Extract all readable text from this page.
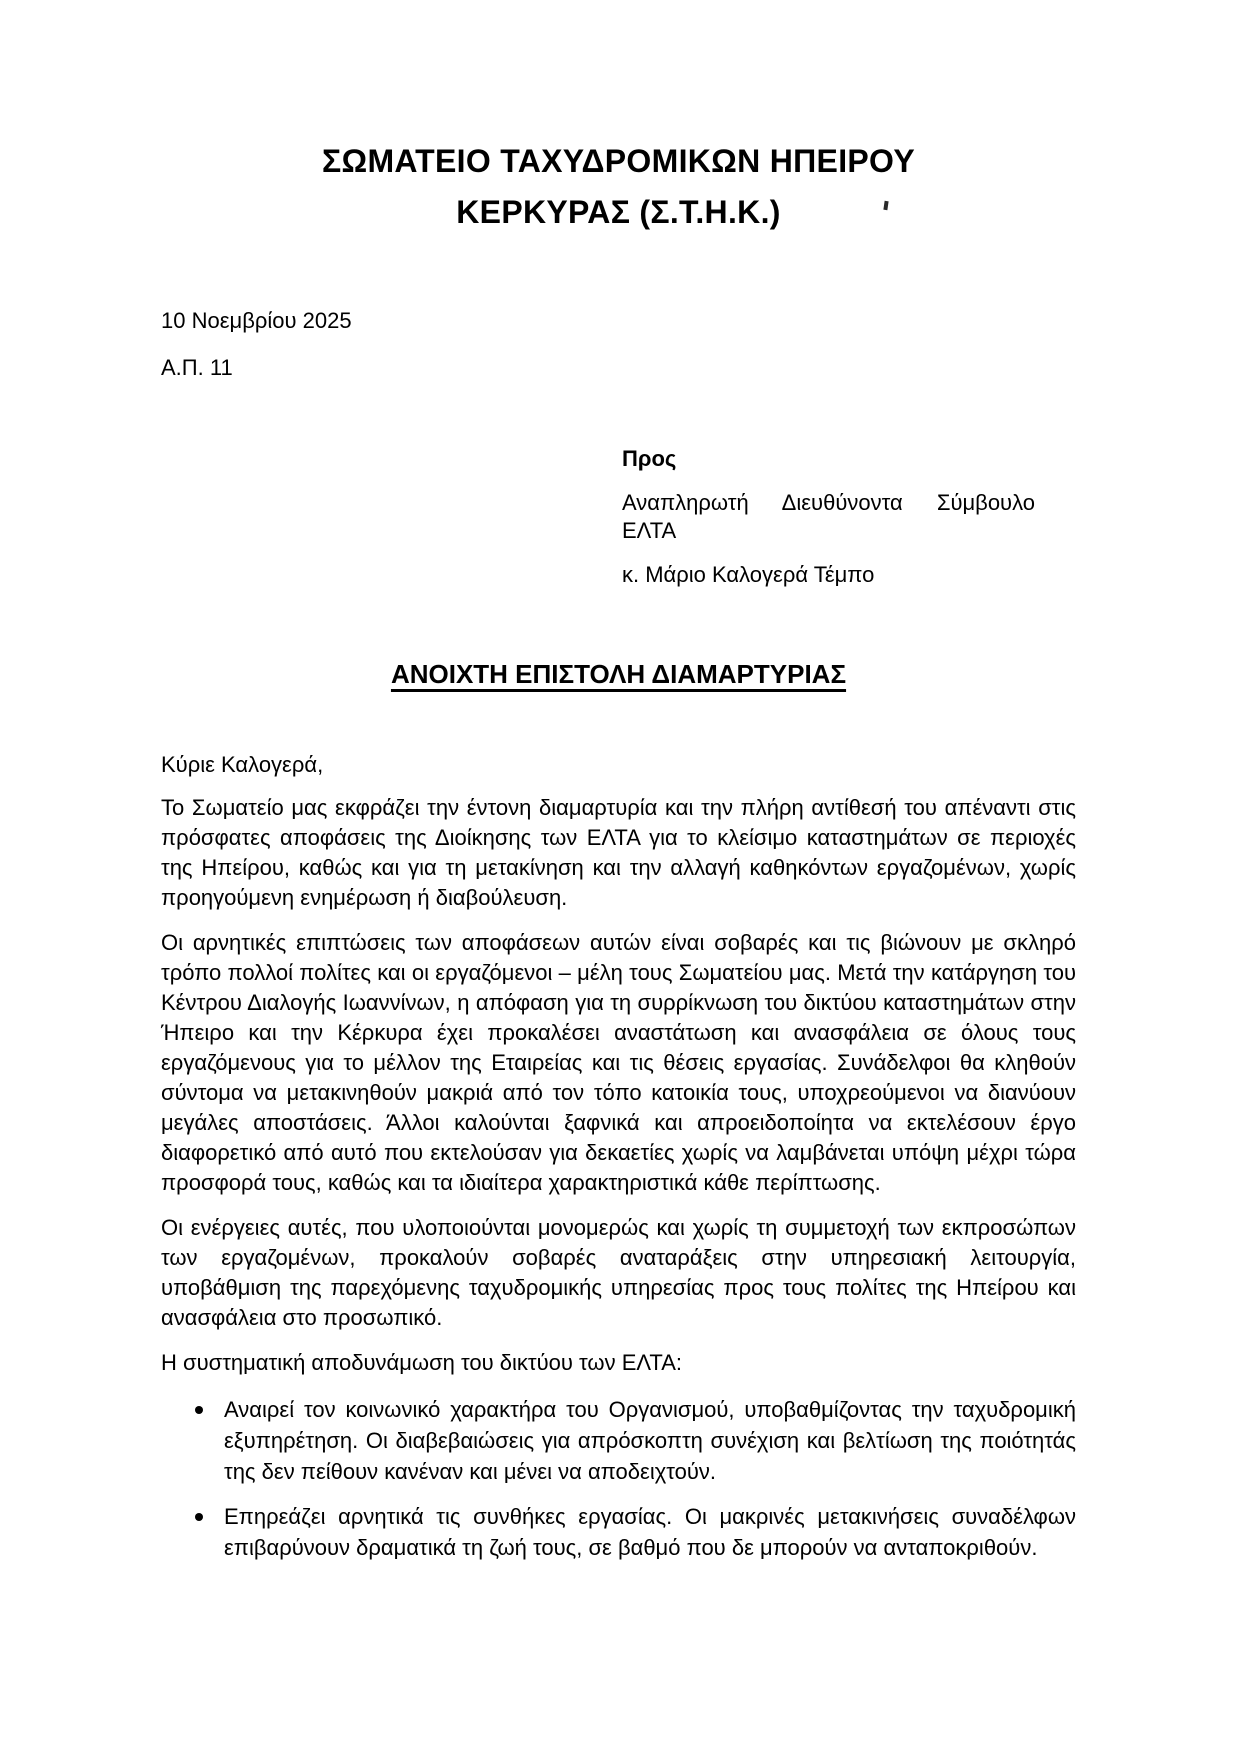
ΣΩΜΑΤΕΙΟ ΤΑΧΥΔΡΟΜΙΚΩΝ ΗΠΕΙΡΟΥ
ΚΕΡΚΥΡΑΣ (Σ.Τ.Η.Κ.)
10 Νοεμβρίου 2025
Α.Π. 11
Προς
Αναπληρωτή Διευθύνοντα Σύμβουλο
ΕΛΤΑ
κ. Μάριο Καλογερά Τέμπο
ΑΝΟΙΧΤΗ ΕΠΙΣΤΟΛΗ ΔΙΑΜΑΡΤΥΡΙΑΣ
Κύριε Καλογερά,

Το Σωματείο μας εκφράζει την έντονη διαμαρτυρία και την πλήρη αντίθεσή του απέναντι στις πρόσφατες αποφάσεις της Διοίκησης των ΕΛΤΑ για το κλείσιμο καταστημάτων σε περιοχές της Ηπείρου, καθώς και για τη μετακίνηση και την αλλαγή καθηκόντων εργαζομένων, χωρίς προηγούμενη ενημέρωση ή διαβούλευση.

Οι αρνητικές επιπτώσεις των αποφάσεων αυτών είναι σοβαρές και τις βιώνουν με σκληρό τρόπο πολλοί πολίτες και οι εργαζόμενοι – μέλη τους Σωματείου μας. Μετά την κατάργηση του Κέντρου Διαλογής Ιωαννίνων, η απόφαση για τη συρρίκνωση του δικτύου καταστημάτων στην Ήπειρο και την Κέρκυρα έχει προκαλέσει αναστάτωση και ανασφάλεια σε όλους τους εργαζόμενους για το μέλλον της Εταιρείας και τις θέσεις εργασίας. Συνάδελφοι θα κληθούν σύντομα να μετακινηθούν μακριά από τον τόπο κατοικία τους, υποχρεούμενοι να διανύουν μεγάλες αποστάσεις. Άλλοι καλούνται ξαφνικά και απροειδοποίητα να εκτελέσουν έργο διαφορετικό από αυτό που εκτελούσαν για δεκαετίες χωρίς να λαμβάνεται υπόψη μέχρι τώρα προσφορά τους, καθώς και τα ιδιαίτερα χαρακτηριστικά κάθε περίπτωσης.

Οι ενέργειες αυτές, που υλοποιούνται μονομερώς και χωρίς τη συμμετοχή των εκπροσώπων των εργαζομένων, προκαλούν σοβαρές αναταράξεις στην υπηρεσιακή λειτουργία, υποβάθμιση της παρεχόμενης ταχυδρομικής υπηρεσίας προς τους πολίτες της Ηπείρου και ανασφάλεια στο προσωπικό.

Η συστηματική αποδυνάμωση του δικτύου των ΕΛΤΑ:

Αναιρεί τον κοινωνικό χαρακτήρα του Οργανισμού, υποβαθμίζοντας την ταχυδρομική εξυπηρέτηση. Οι διαβεβαιώσεις για απρόσκοπτη συνέχιση και βελτίωση της ποιότητάς της δεν πείθουν κανέναν και μένει να αποδειχτούν.

Επηρεάζει αρνητικά τις συνθήκες εργασίας. Οι μακρινές μετακινήσεις συναδέλφων επιβαρύνουν δραματικά τη ζωή τους, σε βαθμό που δε μπορούν να ανταποκριθούν.
